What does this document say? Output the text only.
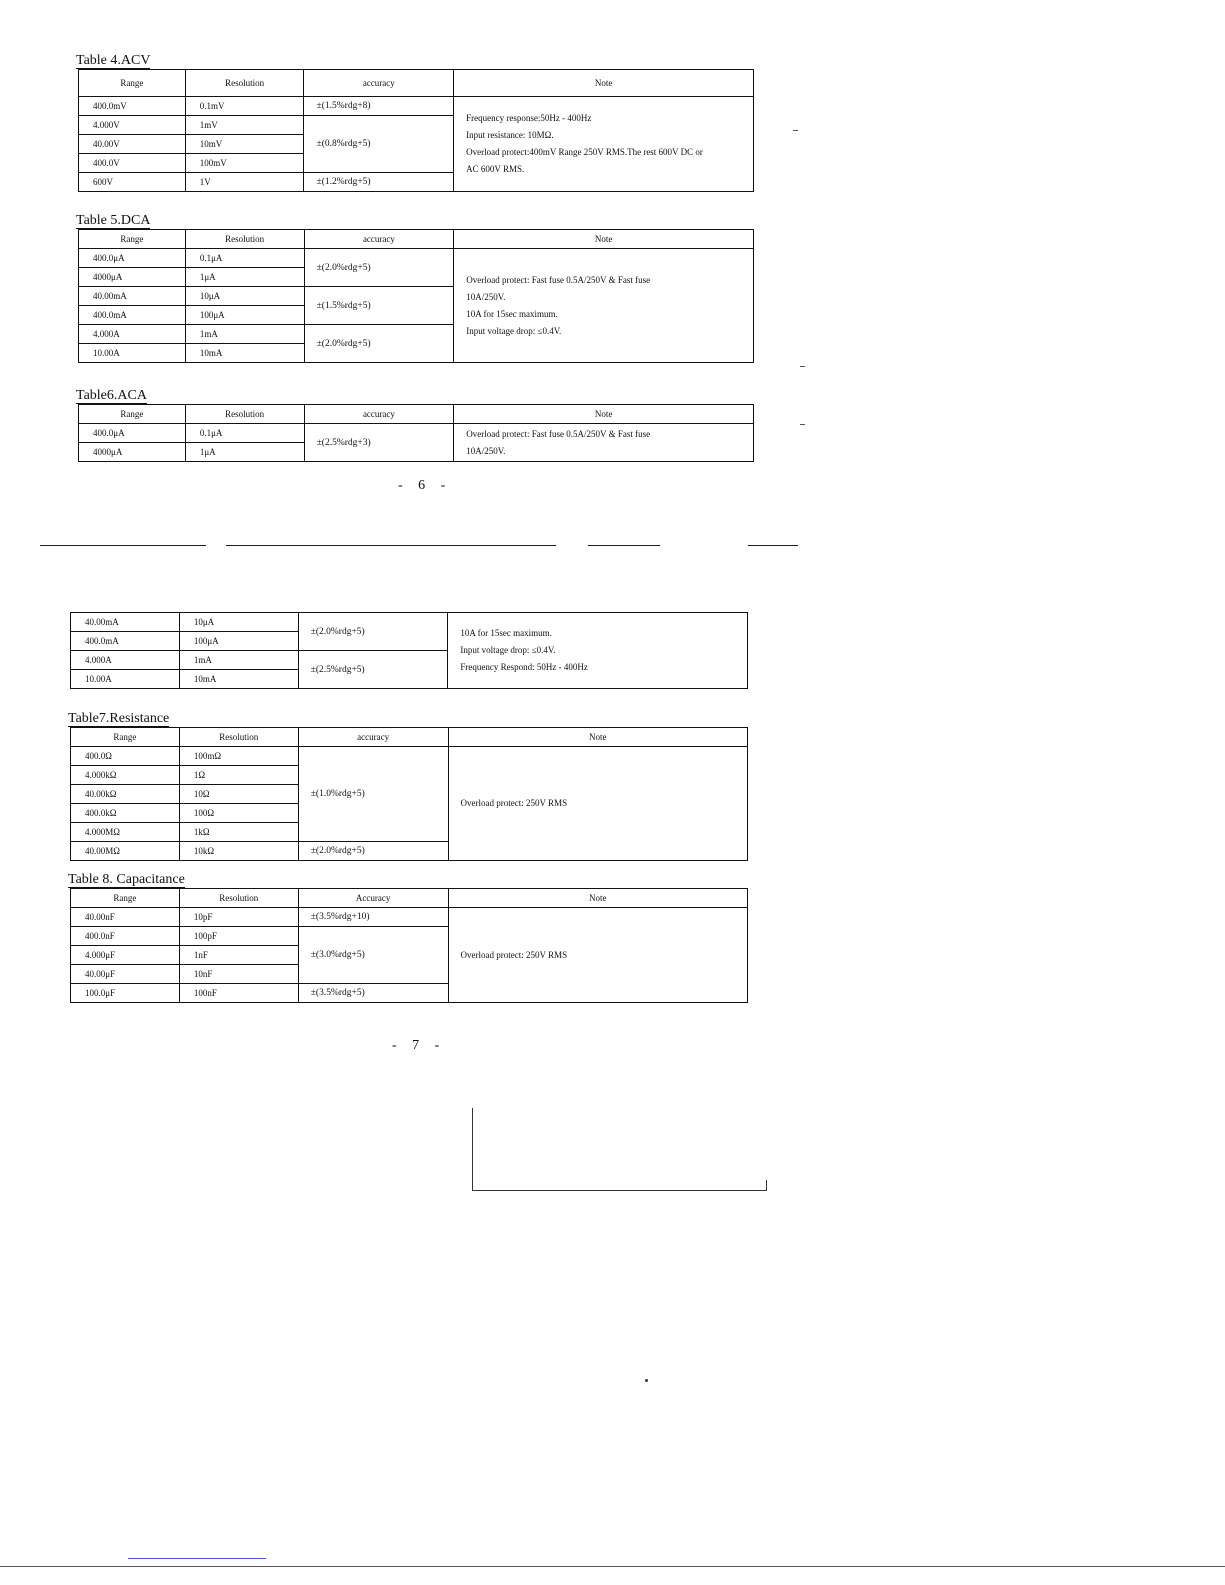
Table 4.ACV
Range	Resolution	accuracy	Note
400.0mV	0.1mV	±(1.5%rdg+8)	Frequency response:50Hz - 400Hz
Input resistance: 10MΩ.
Overload protect:400mV Range 250V RMS.The rest 600V DC or
AC 600V RMS.

4.000V	1mV	±(0.8%rdg+5)	
40.00V	10mV		
400.0V	100mV		
600V	1V	±(1.2%rdg+5)	
Table 5.DCA
Range	Resolution	accuracy	Note
400.0μA	0.1μA	±(2.0%rdg+5)	Overload protect: Fast fuse 0.5A/250V & Fast fuse
10A/250V.
10A for 15sec maximum.
Input voltage drop: ≤0.4V.

4000μA	1μA		
40.00mA	10μA	±(1.5%rdg+5)	
400.0mA	100μA		
4.000A	1mA	±(2.0%rdg+5)	
10.00A	10mA		
Table6.ACA
Range	Resolution	accuracy	Note
400.0μA	0.1μA	±(2.5%rdg+3)	Overload protect: Fast fuse 0.5A/250V & Fast fuse
10A/250V.

4000μA	1μA		
- 6 -
40.00mA	10μA	±(2.0%rdg+5)	10A for 15sec maximum.
Input voltage drop: ≤0.4V.
Frequency Respond: 50Hz - 400Hz

400.0mA	100μA		
4.000A	1mA	±(2.5%rdg+5)	
10.00A	10mA		
Table7.Resistance
Range	Resolution	accuracy	Note
400.0Ω	100mΩ	±(1.0%rdg+5)	Overload protect: 250V RMS
4.000kΩ	1Ω		
40.00kΩ	10Ω		
400.0kΩ	100Ω		
4.000MΩ	1kΩ		
40.00MΩ	10kΩ	±(2.0%rdg+5)	
Table 8. Capacitance
Range	Resolution	Accuracy	Note
40.00nF	10pF	±(3.5%rdg+10)	Overload protect: 250V RMS
400.0nF	100pF	±(3.0%rdg+5)	
4.000μF	1nF		
40.00μF	10nF		
100.0μF	100nF	±(3.5%rdg+5)	
- 7 -
